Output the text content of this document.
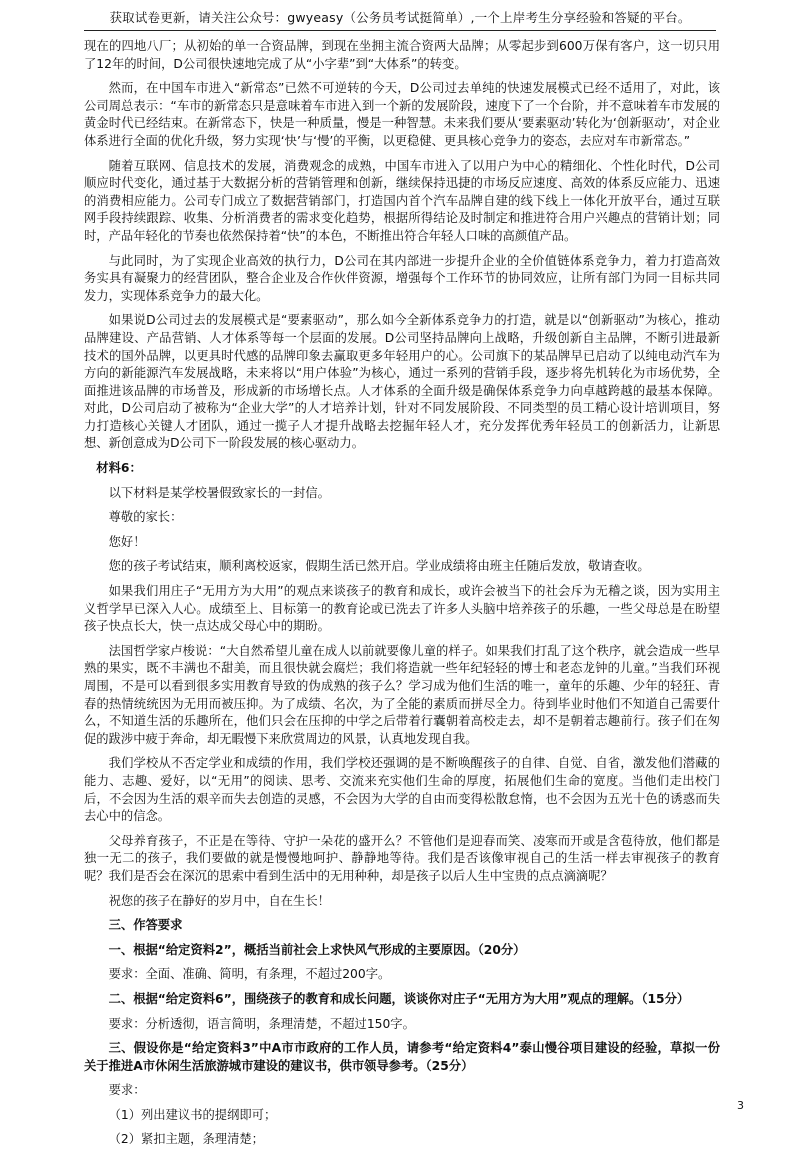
获取试卷更新，请关注公众号：gwyeasy（公务员考试挺简单）,一个上岸考生分享经验和答疑的平台。

现在的四地八厂；从初始的单一合资品牌，到现在坐拥主流合资两大品牌；从零起步到600万保有客户，这一切只用了12年的时间，D公司很快速地完成了从“小字辈”到“大体系”的转变。

然而，在中国车市进入“新常态”已然不可逆转的今天，D公司过去单纯的快速发展模式已经不适用了，对此，该公司周总表示：“车市的新常态只是意味着车市进入到一个新的发展阶段，速度下了一个台阶，并不意味着车市发展的黄金时代已经结束。在新常态下，快是一种质量，慢是一种智慧。未来我们要从‘要素驱动’转化为‘创新驱动’，对企业体系进行全面的优化升级，努力实现‘快’与‘慢’的平衡，以更稳健、更具核心竞争力的姿态，去应对车市新常态。”

随着互联网、信息技术的发展，消费观念的成熟，中国车市进入了以用户为中心的精细化、个性化时代，D公司顺应时代变化，通过基于大数据分析的营销管理和创新，继续保持迅捷的市场反应速度、高效的体系反应能力、迅速的消费相应能力。公司专门成立了数据营销部门，打造国内首个汽车品牌自建的线下线上一体化开放平台，通过互联网手段持续跟踪、收集、分析消费者的需求变化趋势，根据所得结论及时制定和推进符合用户兴趣点的营销计划；同时，产品年轻化的节奏也依然保持着“快”的本色，不断推出符合年轻人口味的高颜值产品。

与此同时，为了实现企业高效的执行力，D公司在其内部进一步提升企业的全价值链体系竞争力，着力打造高效务实具有凝聚力的经营团队，整合企业及合作伙伴资源，增强每个工作环节的协同效应，让所有部门为同一目标共同发力，实现体系竞争力的最大化。

如果说D公司过去的发展模式是“要素驱动”，那么如今全新体系竞争力的打造，就是以“创新驱动”为核心，推动品牌建设、产品营销、人才体系等每一个层面的发展。D公司坚持品牌向上战略，升级创新自主品牌，不断引进最新技术的国外品牌，以更具时代感的品牌印象去赢取更多年轻用户的心。公司旗下的某品牌早已启动了以纯电动汽车为方向的新能源汽车发展战略，未来将以“用户体验”为核心，通过一系列的营销手段，逐步将先机转化为市场优势，全面推进该品牌的市场普及，形成新的市场增长点。人才体系的全面升级是确保体系竞争力向卓越跨越的最基本保障。对此，D公司启动了被称为“企业大学”的人才培养计划，针对不同发展阶段、不同类型的员工精心设计培训项目，努力打造核心关键人才团队，通过一揽子人才提升战略去挖掘年轻人才，充分发挥优秀年轻员工的创新活力，让新思想、新创意成为D公司下一阶段发展的核心驱动力。

材料6：

以下材料是某学校暑假致家长的一封信。

尊敬的家长：

您好！

您的孩子考试结束，顺利离校返家，假期生活已然开启。学业成绩将由班主任随后发放，敬请查收。

如果我们用庄子“无用方为大用”的观点来谈孩子的教育和成长，或许会被当下的社会斥为无稽之谈，因为实用主义哲学早已深入人心。成绩至上、目标第一的教育论或已洗去了许多人头脑中培养孩子的乐趣，一些父母总是在盼望孩子快点长大，快一点达成父母心中的期盼。

法国哲学家卢梭说：“大自然希望儿童在成人以前就要像儿童的样子。如果我们打乱了这个秩序，就会造成一些早熟的果实，既不丰满也不甜美，而且很快就会腐烂；我们将造就一些年纪轻轻的博士和老态龙钟的儿童。”当我们环视周围，不是可以看到很多实用教育导致的伪成熟的孩子么？学习成为他们生活的唯一，童年的乐趣、少年的轻狂、青春的热情统统因为无用而被压抑。为了成绩、名次，为了全能的素质而拼尽全力。待到毕业时他们不知道自己需要什么，不知道生活的乐趣所在，他们只会在压抑的中学之后带着行囊朝着高校走去，却不是朝着志趣前行。孩子们在匆促的跋涉中疲于奔命，却无暇慢下来欣赏周边的风景，认真地发现自我。

我们学校从不否定学业和成绩的作用，我们学校还强调的是不断唤醒孩子的自律、自觉、自省，激发他们潜藏的能力、志趣、爱好，以“无用”的阅读、思考、交流来充实他们生命的厚度，拓展他们生命的宽度。当他们走出校门后，不会因为生活的艰辛而失去创造的灵感，不会因为大学的自由而变得松散怠惰，也不会因为五光十色的诱惑而失去心中的信念。

父母养育孩子，不正是在等待、守护一朵花的盛开么？不管他们是迎春而笑、凌寒而开或是含苞待放，他们都是独一无二的孩子，我们要做的就是慢慢地呵护、静静地等待。我们是否该像审视自己的生活一样去审视孩子的教育呢？我们是否会在深沉的思索中看到生活中的无用种种，却是孩子以后人生中宝贵的点点滴滴呢？

祝您的孩子在静好的岁月中，自在生长！

三、作答要求

一、根据“给定资料2”，概括当前社会上求快风气形成的主要原因。（20分）

要求：全面、准确、简明，有条理，不超过200字。

二、根据“给定资料6”，围绕孩子的教育和成长问题，谈谈你对庄子“无用方为大用”观点的理解。（15分）

要求：分析透彻，语言简明，条理清楚，不超过150字。

三、假设你是“给定资料3”中A市市政府的工作人员，请参考“给定资料4”泰山慢谷项目建设的经验，草拟一份关于推进A市休闲生活旅游城市建设的建议书，供市领导参考。（25分）

要求：

（1）列出建议书的提纲即可；

（2）紧扣主题，条理清楚；

3
